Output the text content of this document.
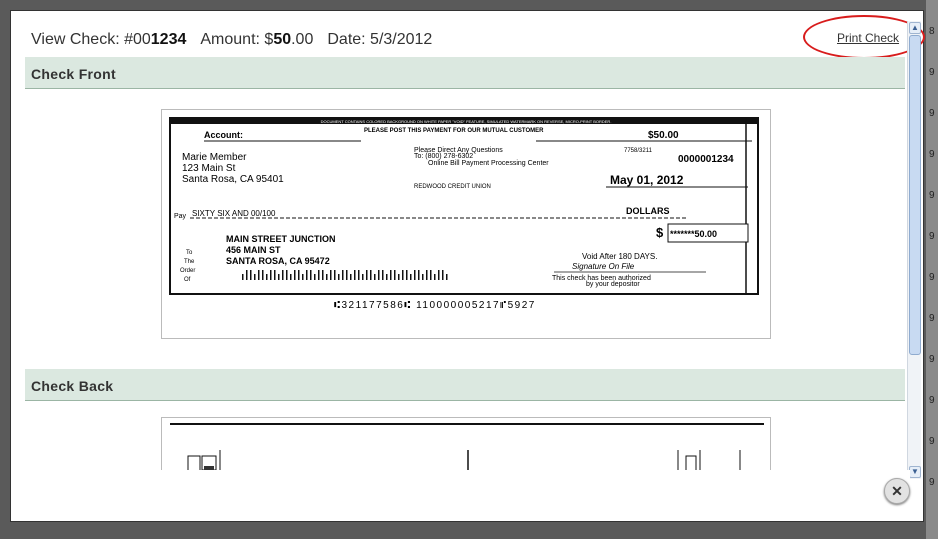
8
9
9
9
9
9
9
9
9
9
9
9
View Check: #001234 Amount: $50.00 Date: 5/3/2012	Print Check
Check Front
DOCUMENT CONTAINS COLORED BACKGROUND ON WHITE PAPER "VOID" FEATURE, SIMULATED WATERMARK ON REVERSE, MICRO-PRINT BORDER.
Account:	PLEASE POST THIS PAYMENT FOR OUR MUTUAL CUSTOMER	$50.00
Marie Member
123 Main St
Santa Rosa, CA 95401
Please Direct Any Questions
To: (800) 278-6302
Online Bill Payment Processing Center
7758/3211
0000001234
REDWOOD CREDIT UNION	May 01, 2012
Pay SIXTY SIX AND 00/100	DOLLARS
$ *******50.00
To
The
Order
Of
MAIN STREET JUNCTION
456 MAIN ST
SANTA ROSA, CA 95472	Void After 180 DAYS.
Signature On File
This check has been authorized
by your depositor
⑆321177586⑆ 110000005217⑈5927
Check Back
▲
▼
✕
